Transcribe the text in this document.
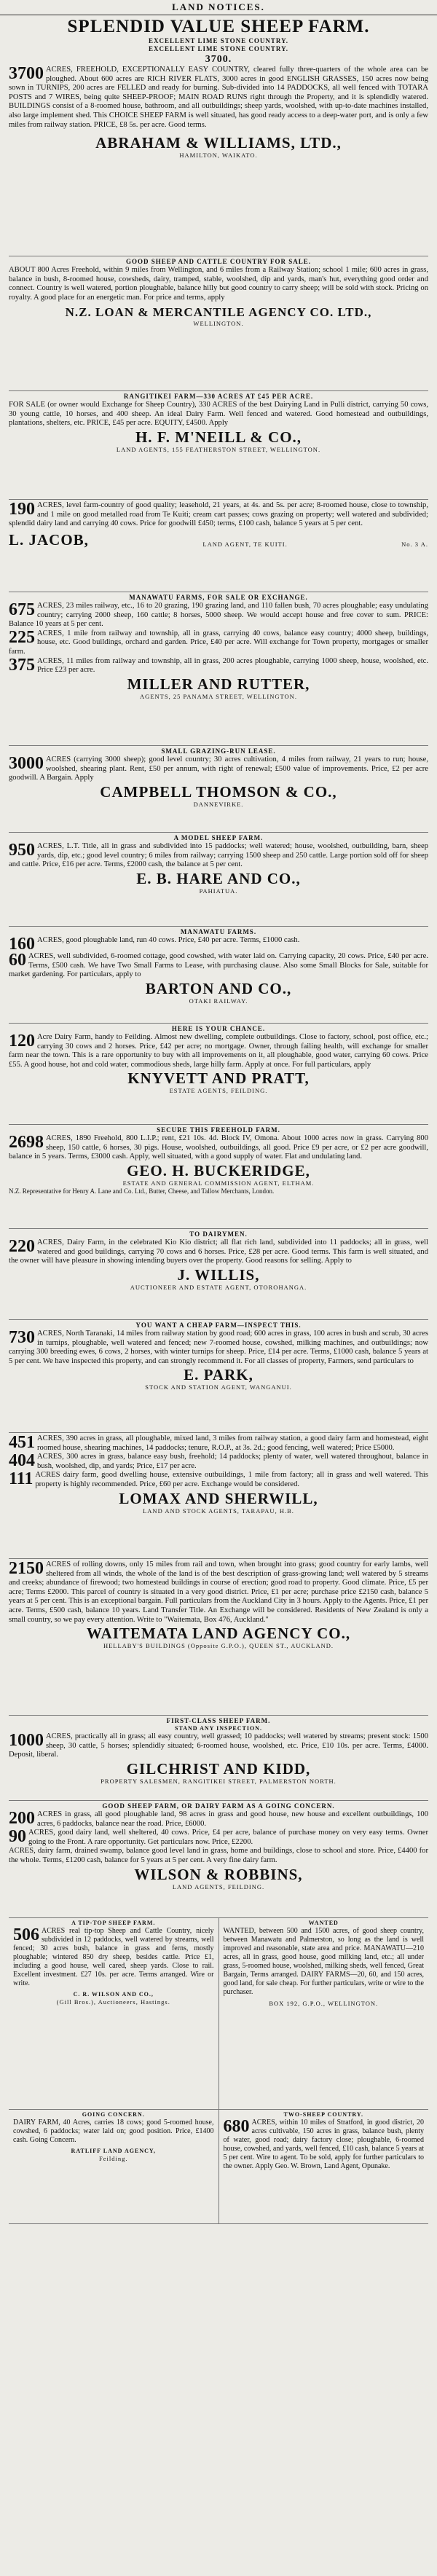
LAND NOTICES.
SPLENDID VALUE SHEEP FARM.
EXCELLENT LIME STONE COUNTRY.
EXCELLENT LIME STONE COUNTRY.
3700.

3700 ACRES, FREEHOLD, EXCEPTIONALLY EASY COUNTRY, cleared fully three-quarters of the whole area can be ploughed. About 600 acres are RICH RIVER FLATS, 3000 acres in good ENGLISH GRASSES, 150 acres now being sown in TURNIPS, 200 acres are FELLED and ready for burning. Sub-divided into 14 PADDOCKS, all well fenced with TOTARA POSTS and 7 WIRES, being quite SHEEP-PROOF; MAIN ROAD RUNS right through the Property, and it is splendidly watered. BUILDINGS consist of a 8-roomed house, bathroom, and all outbuildings; sheep yards, woolshed, with up-to-date machines installed, also large implement shed. This CHOICE SHEEP FARM is well situated, has good ready access to a deep-water port, and is only a few miles from railway station. PRICE, £8 5s. per acre. Good terms.

ABRAHAM & WILLIAMS, LTD.,
HAMILTON, WAIKATO.
GOOD SHEEP AND CATTLE COUNTRY FOR SALE.

ABOUT 800 Acres Freehold, within 9 miles from Wellington, and 6 miles from a Railway Station; school 1 mile; 600 acres in grass, balance in bush, 8-roomed house, cowsheds, dairy, tramped, stable, woolshed, dip and yards, man's hut, everything good order and connect. Country is well watered, portion ploughable, balance hilly but good country to carry sheep; will be sold with stock. Pricing on royalty. A good place for an energetic man. For price and terms, apply

N.Z. LOAN & MERCANTILE AGENCY CO. LTD.,
WELLINGTON.
RANGITIKEI FARM—330 ACRES AT £45 PER ACRE.

FOR SALE (or owner would Exchange for Sheep Country), 330 ACRES of the best Dairying Land in Pulli district, carrying 50 cows, 30 young cattle, 10 horses, and 400 sheep. An ideal Dairy Farm. Well fenced and watered. Good homestead and outbuildings, plantations, shelters, etc. PRICE, £45 per acre. EQUITY, £4500. Apply

H. F. M'NEILL & CO.,
LAND AGENTS, 155 FEATHERSTON STREET, WELLINGTON.

190 ACRES, level farm-country of good quality; leasehold, 21 years, at 4s. and 5s. per acre; 8-roomed house, close to township, and 1 mile on good metalled road from Te Kuiti; cream cart passes; cows grazing on property; well watered and subdivided; splendid dairy land and carrying 40 cows. Price for goodwill £450; terms, £100 cash, balance 5 years at 5 per cent.

L. JACOB,	LAND AGENT, TE KUITI.	No. 3 A.
MANAWATU FARMS, FOR SALE OR EXCHANGE.

675 ACRES, 23 miles railway, etc., 16 to 20 grazing, 190 grazing land, and 110 fallen bush, 70 acres ploughable; easy undulating country; carrying 2000 sheep, 160 cattle; 8 horses, 5000 sheep. We would accept house and free cover to sum. PRICE: Balance 10 years at 5 per cent.

225 ACRES, 1 mile from railway and township, all in grass, carrying 40 cows, balance easy country; 4000 sheep, buildings, house, etc. Good buildings, orchard and garden. Price, £40 per acre. Will exchange for Town property, mortgages or smaller farm.

375 ACRES, 11 miles from railway and township, all in grass, 200 acres ploughable, carrying 1000 sheep, house, woolshed, etc. Price £23 per acre.

MILLER AND RUTTER,
AGENTS, 25 PANAMA STREET, WELLINGTON.
SMALL GRAZING-RUN LEASE.

3000 ACRES (carrying 3000 sheep); good level country; 30 acres cultivation, 4 miles from railway, 21 years to run; house, woolshed, shearing plant. Rent, £50 per annum, with right of renewal; £500 value of improvements. Price, £2 per acre goodwill. A Bargain. Apply

CAMPBELL THOMSON & CO.,
DANNEVIRKE.
A MODEL SHEEP FARM.

950 ACRES, L.T. Title, all in grass and subdivided into 15 paddocks; well watered; house, woolshed, outbuilding, barn, sheep yards, dip, etc.; good level country; 6 miles from railway; carrying 1500 sheep and 250 cattle. Large portion sold off for sheep and cattle. Price, £16 per acre. Terms, £2000 cash, the balance at 5 per cent.

E. B. HARE AND CO.,
PAHIATUA.
MANAWATU FARMS.

160 ACRES, good ploughable land, run 40 cows. Price, £40 per acre. Terms, £1000 cash.

60 ACRES, well subdivided, 6-roomed cottage, good cowshed, with water laid on. Carrying capacity, 20 cows. Price, £40 per acre. Terms, £500 cash. We have Two Small Farms to Lease, with purchasing clause. Also some Small Blocks for Sale, suitable for market gardening. For particulars, apply to

BARTON AND CO.,
OTAKI RAILWAY.
HERE IS YOUR CHANCE.

120 Acre Dairy Farm, handy to Feilding. Almost new dwelling, complete outbuildings. Close to factory, school, post office, etc.; carrying 30 cows and 2 horses. Price, £42 per acre; no mortgage. Owner, through failing health, will exchange for smaller farm near the town. This is a rare opportunity to buy with all improvements on it, all ploughable, good water, carrying 60 cows. Price £55. A good house, hot and cold water, commodious sheds, large hilly farm. Apply at once. For full particulars, apply

KNYVETT AND PRATT,
ESTATE AGENTS, FEILDING.
SECURE THIS FREEHOLD FARM.

2698 ACRES, 1890 Freehold, 800 L.I.P.; rent, £21 10s. 4d. Block IV, Omona. About 1000 acres now in grass. Carrying 800 sheep, 150 cattle, 6 horses, 30 pigs. House, woolshed, outbuildings, all good. Price £9 per acre, or £2 per acre goodwill, balance in 5 years. Terms, £3000 cash. Apply, well situated, with a good supply of water. Flat and undulating land.

GEO. H. BUCKERIDGE,
ESTATE AND GENERAL COMMISSION AGENT, ELTHAM.

N.Z. Representative for Henry A. Lane and Co. Ltd., Butter, Cheese, and Tallow Merchants, London.

TO DAIRYMEN.

220 ACRES, Dairy Farm, in the celebrated Kio Kio district; all flat rich land, subdivided into 11 paddocks; all in grass, well watered and good buildings, carrying 70 cows and 6 horses. Price, £28 per acre. Good terms. This farm is well situated, and the owner will have pleasure in showing intending buyers over the property. Good reasons for selling. Apply to

J. WILLIS,
AUCTIONEER AND ESTATE AGENT, OTOROHANGA.
YOU WANT A CHEAP FARM—INSPECT THIS.

730 ACRES, North Taranaki, 14 miles from railway station by good road; 600 acres in grass, 100 acres in bush and scrub, 30 acres in turnips, ploughable, well watered and fenced; new 7-roomed house, cowshed, milking machines, and outbuildings; now carrying 300 breeding ewes, 6 cows, 2 horses, with winter turnips for sheep. Price, £14 per acre. Terms, £1000 cash, balance 5 years at 5 per cent. We have inspected this property, and can strongly recommend it. For all classes of property, Farmers, send particulars to

E. PARK,
STOCK AND STATION AGENT, WANGANUI.

451 ACRES, 390 acres in grass, all ploughable, mixed land, 3 miles from railway station, a good dairy farm and homestead, eight roomed house, shearing machines, 14 paddocks; tenure, R.O.P., at 3s. 2d.; good fencing, well watered; Price £5000.

404 ACRES, 300 acres in grass, balance easy bush, freehold; 14 paddocks; plenty of water, well watered throughout, balance in bush, woolshed, dip, and yards; Price, £17 per acre.

111 ACRES dairy farm, good dwelling house, extensive outbuildings, 1 mile from factory; all in grass and well watered. This property is highly recommended. Price, £60 per acre. Exchange would be considered.

LOMAX AND SHERWILL,
LAND AND STOCK AGENTS, TARAPAU, H.B.

2150 ACRES of rolling downs, only 15 miles from rail and town, when brought into grass; good country for early lambs, well sheltered from all winds, the whole of the land is of the best description of grass-growing land; well watered by 5 streams and creeks; abundance of firewood; two homestead buildings in course of erection; good road to property. Good climate. Price, £5 per acre; Terms £2000. This parcel of country is situated in a very good district. Price, £1 per acre; purchase price £2150 cash, balance 5 years at 5 per cent. This is an exceptional bargain. Full particulars from the Auckland City in 3 hours. Apply to the Agents. Price, £1 per acre. Terms, £500 cash, balance 10 years. Land Transfer Title. An Exchange will be considered. Residents of New Zealand is only a small country, so we pay every attention. Write to "Waitemata, Box 476, Auckland."

WAITEMATA LAND AGENCY CO.,
HELLABY'S BUILDINGS (Opposite G.P.O.), QUEEN ST., AUCKLAND.
FIRST-CLASS SHEEP FARM.
STAND ANY INSPECTION.

1000 ACRES, practically all in grass; all easy country, well grassed; 10 paddocks; well watered by streams; present stock: 1500 sheep, 30 cattle, 5 horses; splendidly situated; 6-roomed house, woolshed, etc. Price, £10 10s. per acre. Terms, £4000. Deposit, liberal.

GILCHRIST AND KIDD,
PROPERTY SALESMEN, RANGITIKEI STREET, PALMERSTON NORTH.
GOOD SHEEP FARM, OR DAIRY FARM AS A GOING CONCERN.

200 ACRES in grass, all good ploughable land, 98 acres in grass and good house, new house and excellent outbuildings, 100 acres, 6 paddocks, balance near the road. Price, £6000.

90 ACRES, good dairy land, well sheltered, 40 cows. Price, £4 per acre, balance of purchase money on very easy terms. Owner going to the Front. A rare opportunity. Get particulars now. Price, £2200.

ACRES, dairy farm, drained swamp, balance good level land in grass, home and buildings, close to school and store. Price, £4400 for the whole. Terms, £1200 cash, balance for 5 years at 5 per cent. A very fine dairy farm.

WILSON & ROBBINS,
LAND AGENTS, FEILDING.
A TIP-TOP SHEEP FARM.

506 ACRES real tip-top Sheep and Cattle Country, nicely subdivided in 12 paddocks, well watered by streams, well fenced; 30 acres bush, balance in grass and ferns, mostly ploughable; wintered 850 dry sheep, besides cattle. Price £1, including a good house, well cared, sheep yards. Close to rail. Excellent investment. £27 10s. per acre. Terms arranged. Wire or write.

C. R. WILSON AND CO.,
(Gill Bros.), Auctioneers, Hastings.
WANTED

WANTED, between 500 and 1500 acres, of good sheep country, between Manawatu and Palmerston, so long as the land is well improved and reasonable, state area and price. MANAWATU—210 acres, all in grass, good house, good milking land, etc.; all under grass, 5-roomed house, woolshed, milking sheds, well fenced, Great Bargain, Terms arranged. DAIRY FARMS—20, 60, and 150 acres, good land, for sale cheap. For further particulars, write or wire to the purchaser.

BOX 192, G.P.O., WELLINGTON.
GOING CONCERN.

DAIRY FARM, 40 Acres, carries 18 cows; good 5-roomed house, cowshed, 6 paddocks; water laid on; good position. Price, £1400 cash. Going Concern.

RATLIFF LAND AGENCY,
Feilding.
TWO-SHEEP COUNTRY.

680 ACRES, within 10 miles of Stratford, in good district, 20 acres cultivable, 150 acres in grass, balance bush, plenty of water, good road; dairy factory close; ploughable, 6-roomed house, cowshed, and yards, well fenced, £10 cash, balance 5 years at 5 per cent. Wire to agent. To be sold, apply for further particulars to the owner. Apply Geo. W. Brown, Land Agent, Opunake.
